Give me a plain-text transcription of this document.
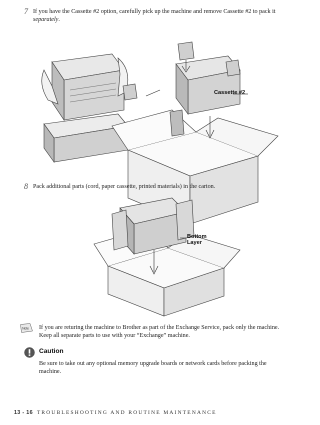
7 If you have the Cassette #2 option, carefully pick up the machine and remove Cassette #2 to pack it separately.
Cassette #2
8 Pack additional parts (cord, paper cassette, printed materials) in the carton.
Bottom
Layer
Note If you are returing the machine to Brother as part of the Exchange Service, pack only the machine. Keep all separate parts to use with your “Exchange” machine.
Caution
Be sure to take out any optional memory upgrade boards or network cards before packing the machine.
13 - 16 TROUBLESHOOTING AND ROUTINE MAINTENANCE
